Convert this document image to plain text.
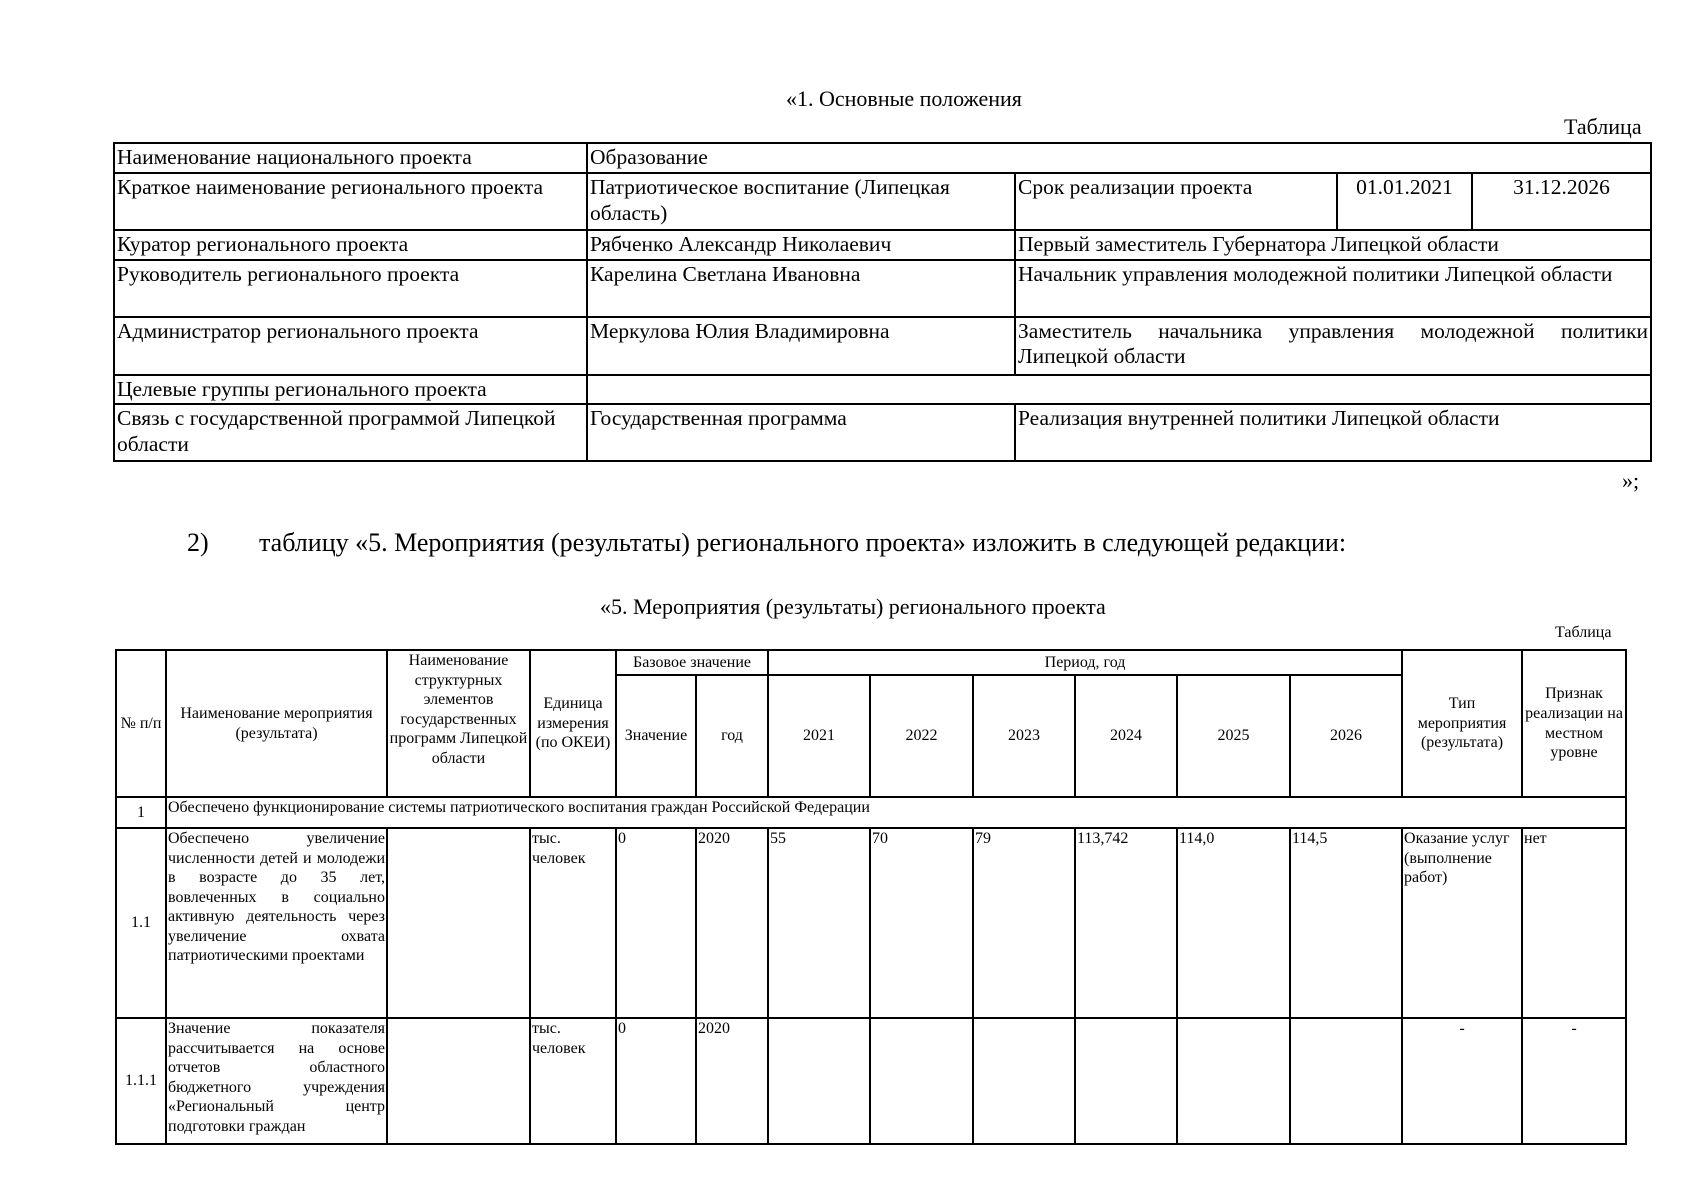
«1. Основные положения
Таблица
Наименование национального проекта	Образование			
Краткое наименование регионального проекта	Патриотическое воспитание (Липецкая область)	Срок реализации проекта	01.01.2021	31.12.2026
Куратор регионального проекта	Рябченко Александр Николаевич	Первый заместитель Губернатора Липецкой области		
Руководитель регионального проекта	Карелина Светлана Ивановна	Начальник управления молодежной политики Липецкой области		
Администратор регионального проекта	Меркулова Юлия Владимировна	Заместитель начальника управления молодежной политики Липецкой области		
Целевые группы регионального проекта				
Связь с государственной программой Липецкой области	Государственная программа	Реализация внутренней политики Липецкой области		
»;
2) таблицу «5. Мероприятия (результаты) регионального проекта» изложить в следующей редакции:
«5. Мероприятия (результаты) регионального проекта
Таблица
№ п/п	Наименование мероприятия (результата)	Наименование структурных элементов государственных программ Липецкой области	Единица измерения (по ОКЕИ)	Базовое значение		Период, год						Тип мероприятия (результата)	Признак реализации на местном уровне
				Значение	год	2021	2022	2023	2024	2025	2026		
1	Обеспечено функционирование системы патриотического воспитания граждан Российской Федерации												
1.1	Обеспечено увеличение численности детей и молодежи в возрасте до 35 лет, вовлеченных в социально активную деятельность через увеличение охвата патриотическими проектами		тыс. человек	0	2020	55	70	79	113,742	114,0	114,5	Оказание услуг (выполнение работ)	нет
1.1.1	Значение показателя рассчитывается на основе отчетов областного бюджетного учреждения «Региональный центр подготовки граждан		тыс. человек	0	2020							-	-
